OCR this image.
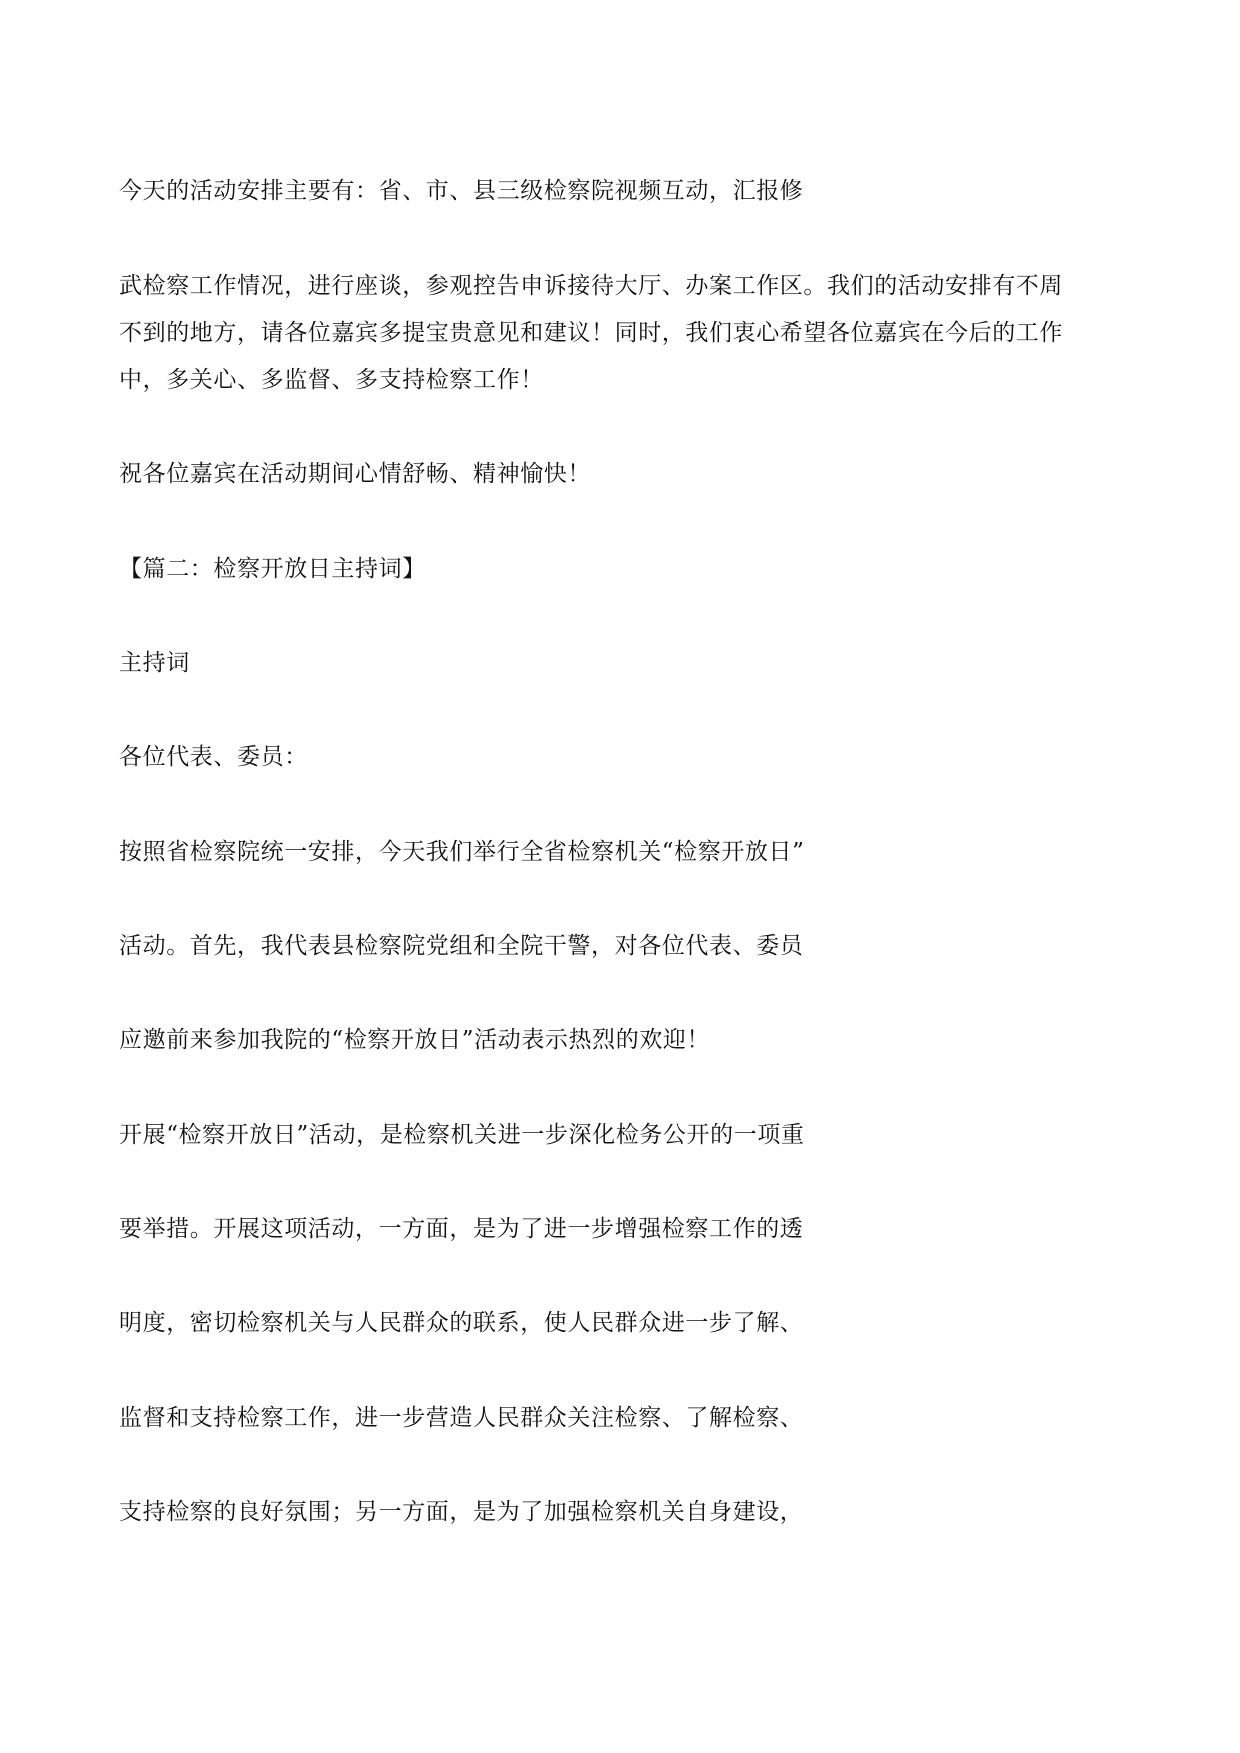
今天的活动安排主要有：省、市、县三级检察院视频互动，汇报修
武检察工作情况，进行座谈，参观控告申诉接待大厅、办案工作区。我们的活动安排有不周
不到的地方，请各位嘉宾多提宝贵意见和建议！同时，我们衷心希望各位嘉宾在今后的工作
中，多关心、多监督、多支持检察工作！
祝各位嘉宾在活动期间心情舒畅、精神愉快！
【篇二：检察开放日主持词】
主持词
各位代表、委员：
按照省检察院统一安排，今天我们举行全省检察机关“检察开放日”
活动。首先，我代表县检察院党组和全院干警，对各位代表、委员
应邀前来参加我院的“检察开放日”活动表示热烈的欢迎！
开展“检察开放日”活动，是检察机关进一步深化检务公开的一项重
要举措。开展这项活动，一方面，是为了进一步增强检察工作的透
明度，密切检察机关与人民群众的联系，使人民群众进一步了解、
监督和支持检察工作，进一步营造人民群众关注检察、了解检察、
支持检察的良好氛围；另一方面，是为了加强检察机关自身建设，
